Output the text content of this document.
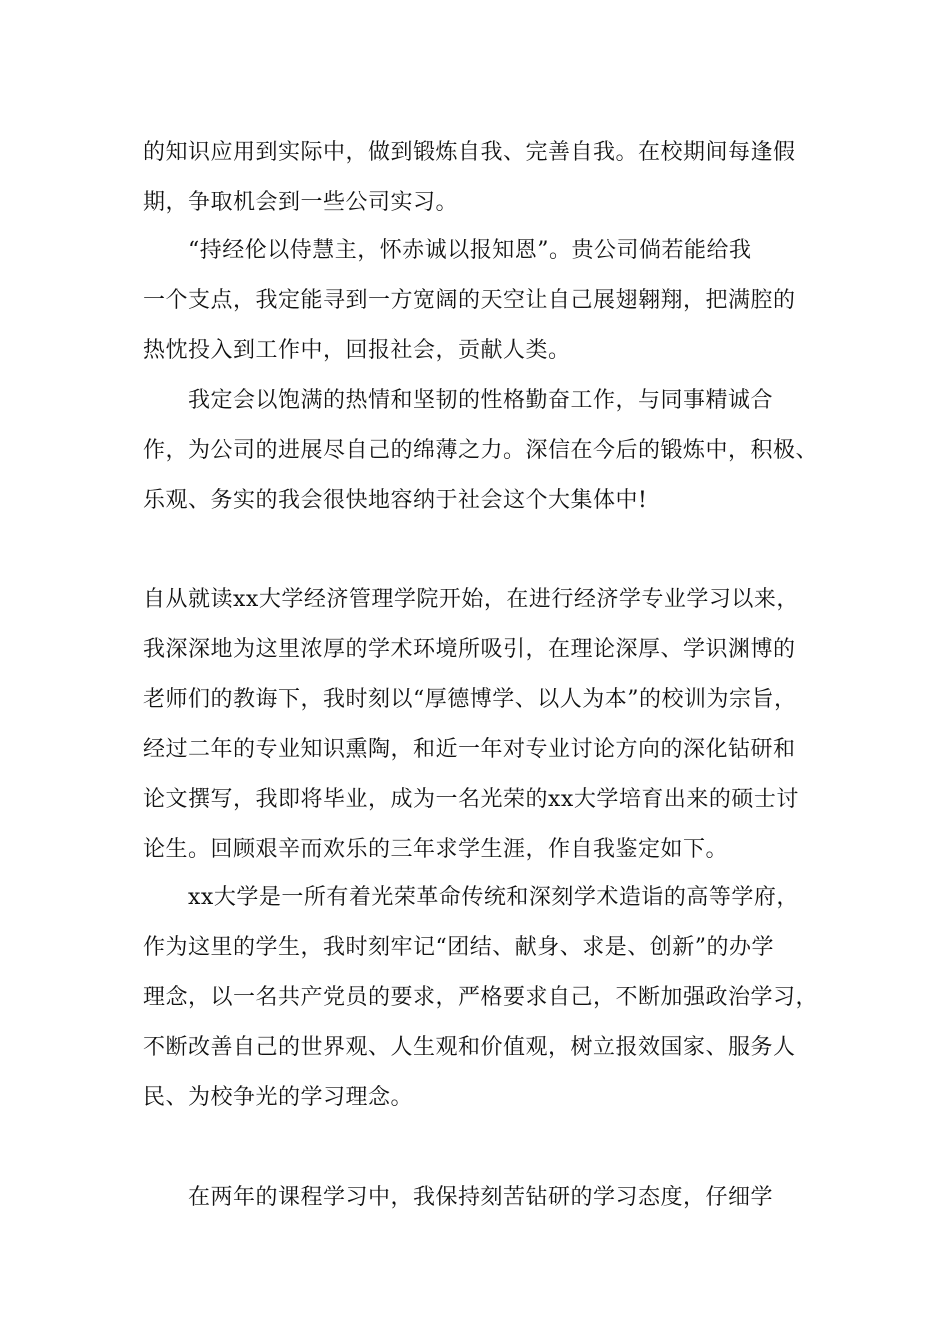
的知识应用到实际中，做到锻炼自我、完善自我。在校期间每逢假
期，争取机会到一些公司实习。
　　“持经伦以侍慧主，怀赤诚以报知恩”。贵公司倘若能给我
一个支点，我定能寻到一方宽阔的天空让自己展翅翱翔，把满腔的
热忱投入到工作中，回报社会，贡献人类。
　　我定会以饱满的热情和坚韧的性格勤奋工作，与同事精诚合
作，为公司的进展尽自己的绵薄之力。深信在今后的锻炼中，积极、
乐观、务实的我会很快地容纳于社会这个大集体中!
自从就读xx大学经济管理学院开始，在进行经济学专业学习以来，
我深深地为这里浓厚的学术环境所吸引，在理论深厚、学识渊博的
老师们的教诲下，我时刻以“厚德博学、以人为本”的校训为宗旨，
经过二年的专业知识熏陶，和近一年对专业讨论方向的深化钻研和
论文撰写，我即将毕业，成为一名光荣的xx大学培育出来的硕士讨
论生。回顾艰辛而欢乐的三年求学生涯，作自我鉴定如下。
　　xx大学是一所有着光荣革命传统和深刻学术造诣的高等学府，
作为这里的学生，我时刻牢记“团结、献身、求是、创新”的办学
理念，以一名共产党员的要求，严格要求自己，不断加强政治学习，
不断改善自己的世界观、人生观和价值观，树立报效国家、服务人
民、为校争光的学习理念。
　　在两年的课程学习中，我保持刻苦钻研的学习态度，仔细学
